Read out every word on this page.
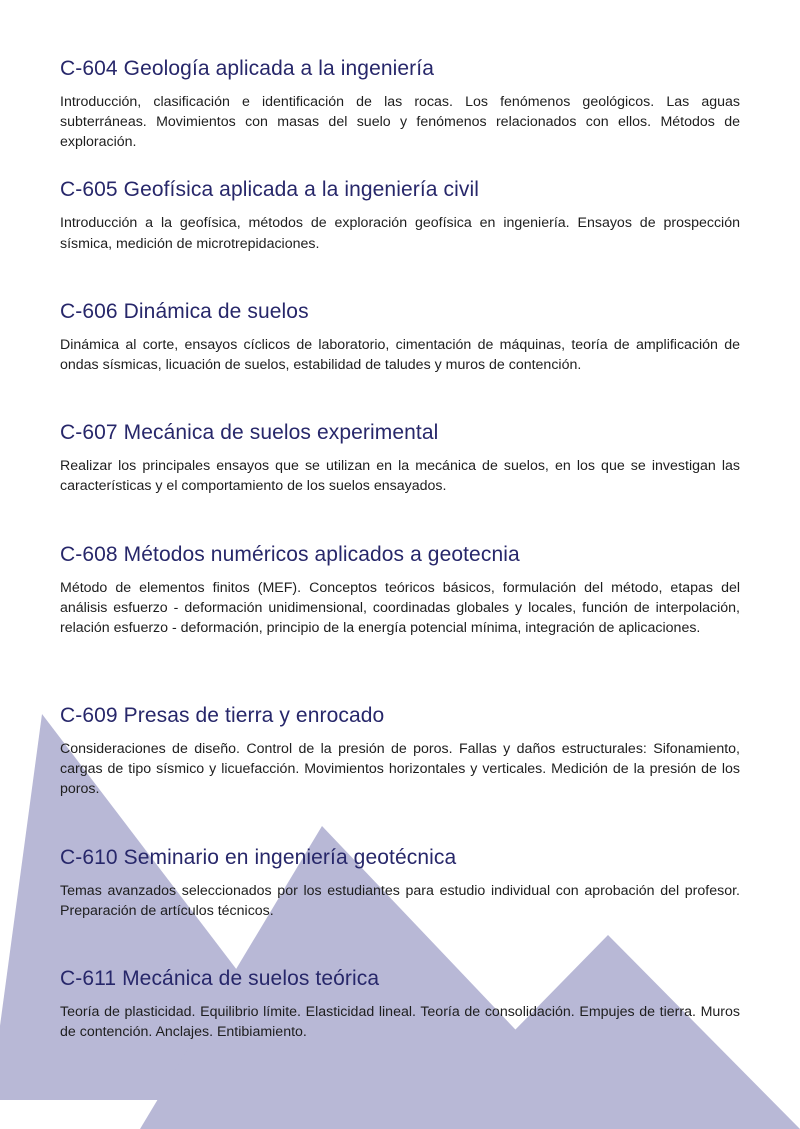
C-604 Geología aplicada a la ingeniería

Introducción, clasificación e identificación de las rocas. Los fenómenos geológicos. Las aguas subterráneas. Movimientos con masas del suelo y fenómenos relacionados con ellos. Métodos de exploración.

C-605 Geofísica aplicada a la ingeniería civil

Introducción a la geofísica, métodos de exploración geofísica en ingeniería. Ensayos de prospección sísmica, medición de microtrepidaciones.

C-606 Dinámica de suelos

Dinámica al corte, ensayos cíclicos de laboratorio, cimentación de máquinas, teoría de amplificación de ondas sísmicas, licuación de suelos, estabilidad de taludes y muros de contención.

C-607 Mecánica de suelos experimental

Realizar los principales ensayos que se utilizan en la mecánica de suelos, en los que se investigan las características y el comportamiento de los suelos ensayados.

C-608 Métodos numéricos aplicados a geotecnia

Método de elementos finitos (MEF). Conceptos teóricos básicos, formulación del método, etapas del análisis esfuerzo - deformación unidimensional, coordinadas globales y locales, función de interpolación, relación esfuerzo - deformación, principio de la energía potencial mínima, integración de aplicaciones.

C-609 Presas de tierra y enrocado

Consideraciones de diseño. Control de la presión de poros. Fallas y daños estructurales: Sifonamiento, cargas de tipo sísmico y licuefacción. Movimientos horizontales y verticales. Medición de la presión de los poros.

C-610 Seminario en ingeniería geotécnica

Temas avanzados seleccionados por los estudiantes para estudio individual con aprobación del profesor. Preparación de artículos técnicos.

C-611 Mecánica de suelos teórica

Teoría de plasticidad. Equilibrio límite. Elasticidad lineal. Teoría de consolidación. Empujes de tierra. Muros de contención. Anclajes. Entibiamiento.
